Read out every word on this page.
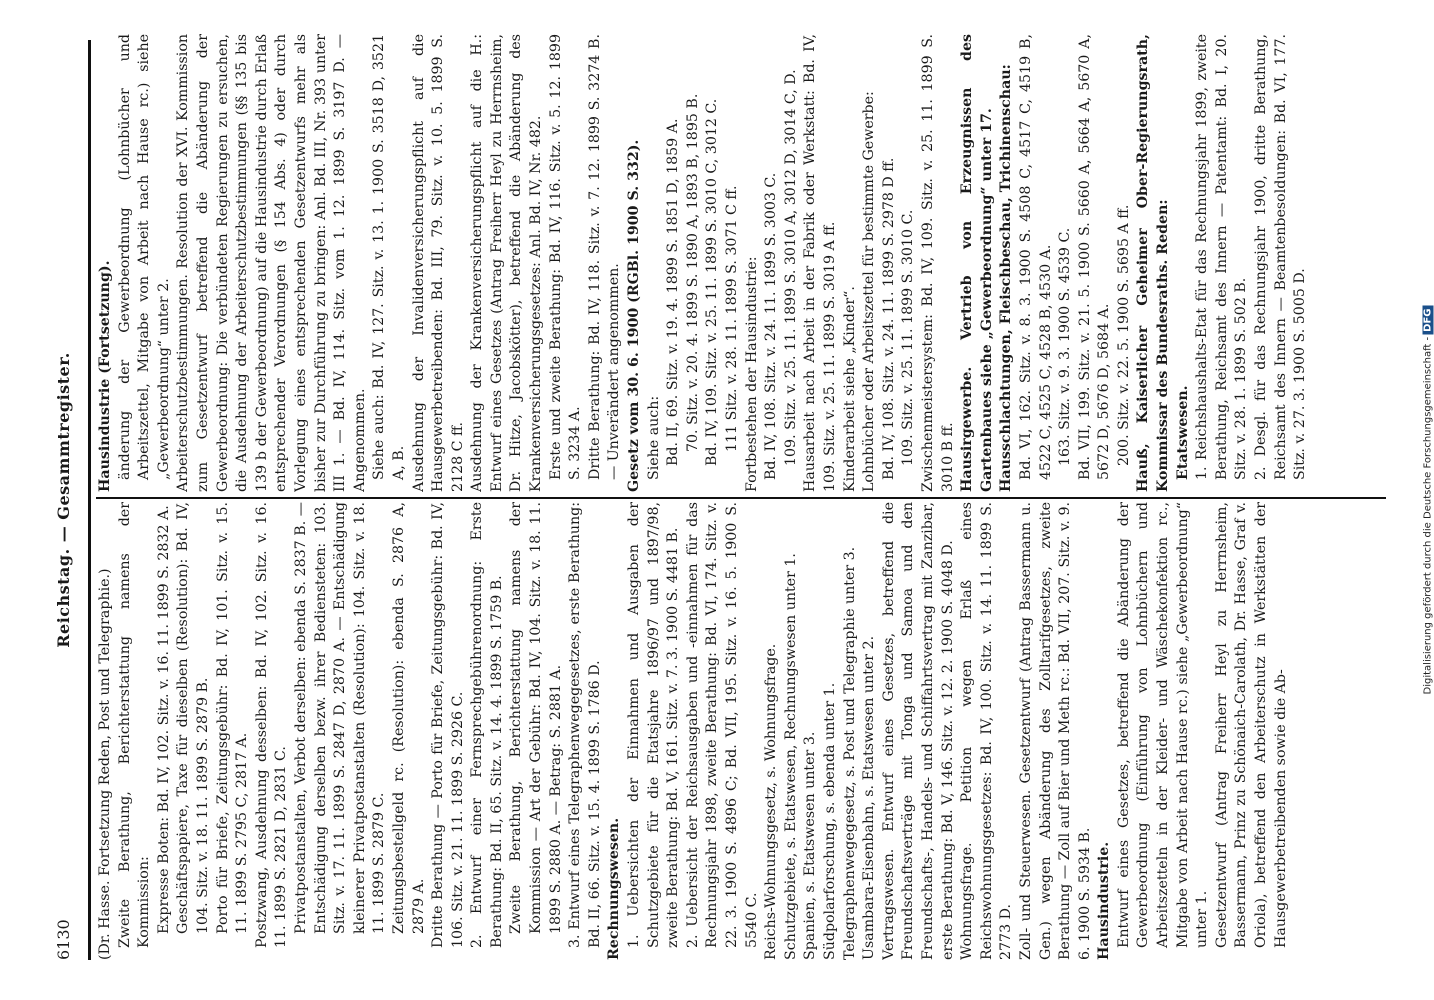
6130
Reichstag. — Gesammtregister.

(Dr. Hasse. Fortsetzung Reden, Post und Telegraphie.) Zweite Berathung, Berichterstattung namens der Kommission: Expresse Boten: Bd. IV, 102. Sitz. v. 16. 11. 1899 S. 2832 A. Geschäftspapiere, Taxe für dieselben (Resolution): Bd. IV, 104. Sitz. v. 18. 11. 1899 S. 2879 B. Porto für Briefe, Zeitungsgebühr: Bd. IV, 101. Sitz. v. 15. 11. 1899 S. 2795 C, 2817 A. Postzwang, Ausdehnung desselben: Bd. IV, 102. Sitz. v. 16. 11. 1899 S. 2821 D, 2831 C. Privatpostanstalten, Verbot derselben: ebenda S. 2837 B. — Entschädigung derselben bezw. ihrer Bediensteten: 103. Sitz. v. 17. 11. 1899 S. 2847 D, 2870 A. — Entschädigung kleinerer Privatpostanstalten (Resolution): 104. Sitz. v. 18. 11. 1899 S. 2879 C. Zeitungsbestellgeld rc. (Resolution): ebenda S. 2876 A, 2879 A. Dritte Berathung — Porto für Briefe, Zeitungsgebühr: Bd. IV, 106. Sitz. v. 21. 11. 1899 S. 2926 C. 2. Entwurf einer Fernsprechgebührenordnung: Erste Berathung: Bd. II, 65. Sitz. v. 14. 4. 1899 S. 1759 B. Zweite Berathung, Berichterstattung namens der Kommission — Art der Gebühr: Bd. IV, 104. Sitz. v. 18. 11. 1899 S. 2880 A. — Betrag: S. 2881 A. 3. Entwurf eines Telegraphenwegegesetzes, erste Berathung: Bd. II, 66. Sitz. v. 15. 4. 1899 S. 1786 D. Rechnungswesen. 1. Uebersichten der Einnahmen und Ausgaben der Schutzgebiete für die Etatsjahre 1896/97 und 1897/98, zweite Berathung: Bd. V, 161. Sitz. v. 7. 3. 1900 S. 4481 B. 2. Uebersicht der Reichsausgaben und -einnahmen für das Rechnungsjahr 1898, zweite Berathung: Bd. VI, 174. Sitz. v. 22. 3. 1900 S. 4896 C; Bd. VII, 195. Sitz. v. 16. 5. 1900 S. 5540 C. Reichs-Wohnungsgesetz, s. Wohnungsfrage. Schutzgebiete, s. Etatswesen, Rechnungswesen unter 1. Spanien, s. Etatswesen unter 3. Südpolarforschung, s. ebenda unter 1. Telegraphenwegegesetz, s. Post und Telegraphie unter 3. Usambara-Eisenbahn, s. Etatswesen unter 2. Vertragswesen. Entwurf eines Gesetzes, betreffend die Freundschaftsverträge mit Tonga und Samoa und den Freundschafts-, Handels- und Schiffahrtsvertrag mit Zanzibar, erste Berathung: Bd. V, 146. Sitz. v. 12. 2. 1900 S. 4048 D. Wohnungsfrage. Petition wegen Erlaß eines Reichswohnungsgesetzes: Bd. IV, 100. Sitz. v. 14. 11. 1899 S. 2773 D. Zoll- und Steuerwesen. Gesetzentwurf (Antrag Bassermann u. Gen.) wegen Abänderung des Zolltarifgesetzes, zweite Berathung — Zoll auf Bier und Meth rc.: Bd. VII, 207. Sitz. v. 9. 6. 1900 S. 5934 B. Hausindustrie. Entwurf eines Gesetzes, betreffend die Abänderung der Gewerbeordnung (Einführung von Lohnbüchern und Arbeitszetteln in der Kleider- und Wäschekonfektion rc., Mitgabe von Arbeit nach Hause rc.) siehe „Gewerbeordnung“ unter 1. Gesetzentwurf (Antrag Freiherr Heyl zu Herrnsheim, Bassermann, Prinz zu Schönaich-Carolath, Dr. Hasse, Graf v. Oriola), betreffend den Arbeiterschutz in Werkstätten der Hausgewerbetreibenden sowie die Ab-

Hausindustrie (Fortsetzung). änderung der Gewerbeordnung (Lohnbücher und Arbeitszettel, Mitgabe von Arbeit nach Hause rc.) siehe „Gewerbeordnung“ unter 2. Arbeiterschutzbestimmungen. Resolution der XVI. Kommission zum Gesetzentwurf betreffend die Abänderung der Gewerbeordnung: Die verbündeten Regierungen zu ersuchen, die Ausdehnung der Arbeiterschutzbestimmungen (§§ 135 bis 139 b der Gewerbeordnung) auf die Hausindustrie durch Erlaß entsprechender Verordnungen (§ 154 Abs. 4) oder durch Vorlegung eines entsprechenden Gesetzentwurfs mehr als bisher zur Durchführung zu bringen: Anl. Bd. III, Nr. 393 unter III 1. — Bd. IV, 114. Sitz. vom 1. 12. 1899 S. 3197 D. — Angenommen. Siehe auch: Bd. IV, 127. Sitz. v. 13. 1. 1900 S. 3518 D, 3521 A, B. Ausdehnung der Invalidenversicherungspflicht auf die Hausgewerbetreibenden: Bd. III, 79. Sitz. v. 10. 5. 1899 S. 2128 C ff. Ausdehnung der Krankenversicherungspflicht auf die H.: Entwurf eines Gesetzes (Antrag Freiherr Heyl zu Herrnsheim, Dr. Hitze, Jacobskötter), betreffend die Abänderung des Krankenversicherungsgesetzes: Anl. Bd. IV, Nr. 482. Erste und zweite Berathung: Bd. IV, 116. Sitz. v. 5. 12. 1899 S. 3234 A. Dritte Berathung: Bd. IV, 118. Sitz. v. 7. 12. 1899 S. 3274 B. — Unverändert angenommen. Gesetz vom 30. 6. 1900 (RGBl. 1900 S. 332). Siehe auch: Bd. II, 69. Sitz. v. 19. 4. 1899 S. 1851 D, 1859 A. 70. Sitz. v. 20. 4. 1899 S. 1890 A, 1893 B, 1895 B. Bd. IV, 109. Sitz. v. 25. 11. 1899 S. 3010 C, 3012 C. 111 Sitz. v. 28. 11. 1899 S. 3071 C ff. Fortbestehen der Hausindustrie: Bd. IV, 108. Sitz. v. 24. 11. 1899 S. 3003 C. 109. Sitz. v. 25. 11. 1899 S. 3010 A, 3012 D, 3014 C, D. Hausarbeit nach Arbeit in der Fabrik oder Werkstatt: Bd. IV, 109. Sitz. v. 25. 11. 1899 S. 3019 A ff. Kinderarbeit siehe „Kinder“. Lohnbücher oder Arbeitszettel für bestimmte Gewerbe: Bd. IV, 108. Sitz. v. 24. 11. 1899 S. 2978 D ff. 109. Sitz. v. 25. 11. 1899 S. 3010 C. Zwischenmeistersystem: Bd. IV, 109. Sitz. v. 25. 11. 1899 S. 3010 B ff. Hausirgewerbe. Vertrieb von Erzeugnissen des Gartenbaues siehe „Gewerbeordnung“ unter 17. Hausschlachtungen, Fleischbeschau, Trichinenschau: Bd. VI, 162. Sitz. v. 8. 3. 1900 S. 4508 C, 4517 C, 4519 B, 4522 C, 4525 C, 4528 B, 4530 A. 163. Sitz. v. 9. 3. 1900 S. 4539 C. Bd. VII, 199. Sitz. v. 21. 5. 1900 S. 5660 A, 5664 A, 5670 A, 5672 D, 5676 D, 5684 A. 200. Sitz. v. 22. 5. 1900 S. 5695 A ff. Hauß, Kaiserlicher Geheimer Ober-Regierungsrath, Kommissar des Bundesraths. Reden: Etatswesen. 1. Reichshaushalts-Etat für das Rechnungsjahr 1899, zweite Berathung, Reichsamt des Innern — Patentamt: Bd. I, 20. Sitz. v. 28. 1. 1899 S. 502 B. 2. Desgl. für das Rechnungsjahr 1900, dritte Berathung, Reichsamt des Innern — Beamtenbesoldungen: Bd. VI, 177. Sitz. v. 27. 3. 1900 S. 5005 D.	Digitalisierung gefördert durch die Deutsche Forschungsgemeinschaft -DFG
